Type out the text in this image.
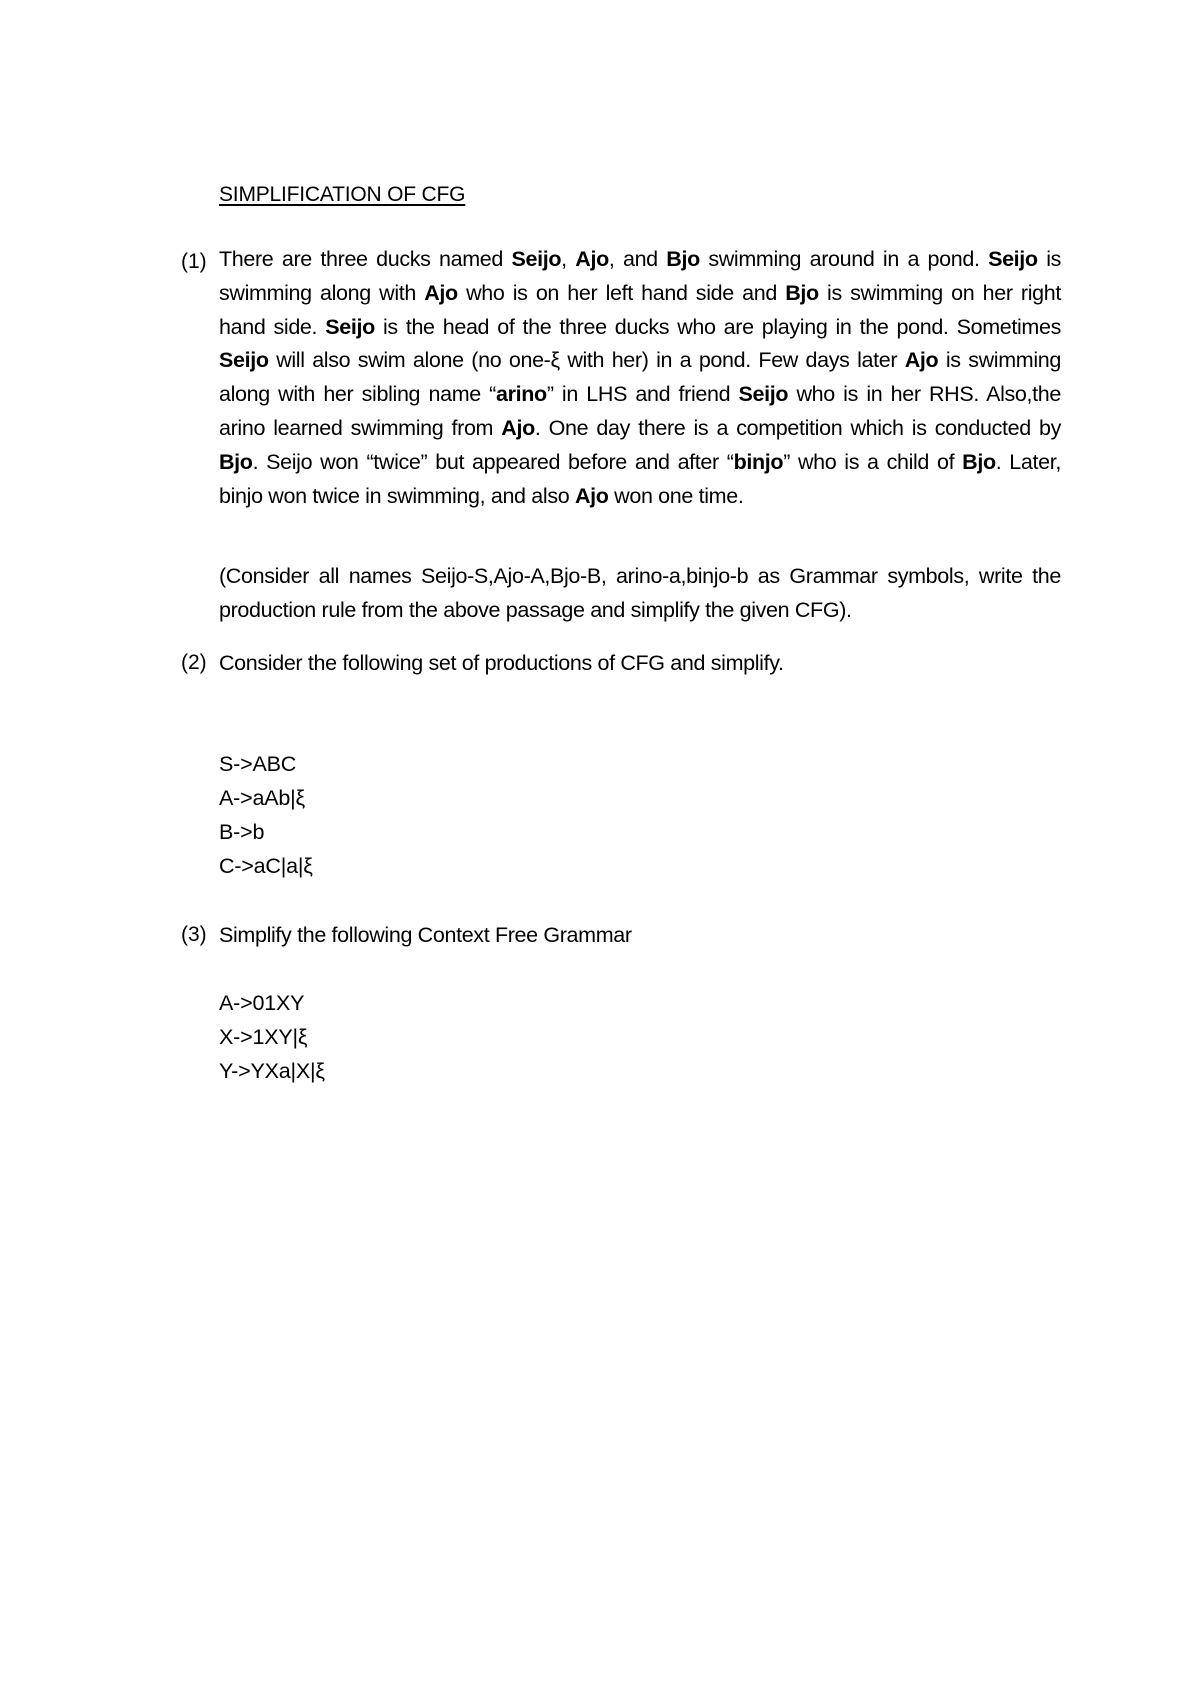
SIMPLIFICATION OF CFG
(1) There are three ducks named Seijo, Ajo, and Bjo swimming around in a pond. Seijo is swimming along with Ajo who is on her left hand side and Bjo is swimming on her right hand side. Seijo is the head of the three ducks who are playing in the pond. Sometimes Seijo will also swim alone (no one-ξ with her) in a pond. Few days later Ajo is swimming along with her sibling name “arino” in LHS and friend Seijo who is in her RHS. Also,the arino learned swimming from Ajo. One day there is a competition which is conducted by Bjo. Seijo won “twice” but appeared before and after “binjo” who is a child of Bjo. Later, binjo won twice in swimming, and also Ajo won one time.

(Consider all names Seijo-S,Ajo-A,Bjo-B, arino-a,binjo-b as Grammar symbols, write the production rule from the above passage and simplify the given CFG).

(2) Consider the following set of productions of CFG and simplify.
S->ABC
A->aAb|ξ
B->b
C->aC|a|ξ
(3) Simplify the following Context Free Grammar
A->01XY
X->1XY|ξ
Y->YXa|X|ξ
